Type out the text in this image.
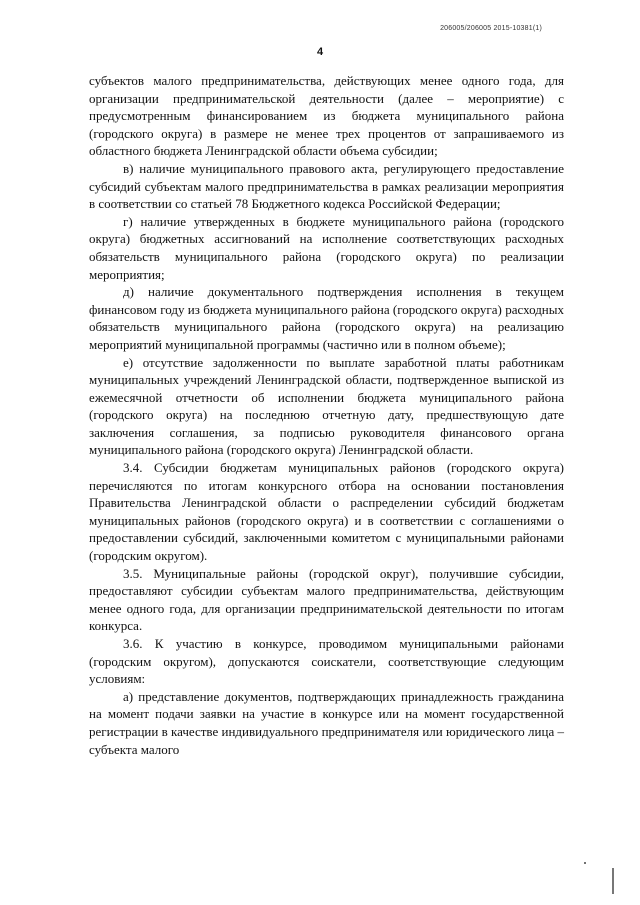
206005/206005 2015-10381(1)
4

субъектов малого предпринимательства, действующих менее одного года, для организации предпринимательской деятельности (далее – мероприятие) с предусмотренным финансированием из бюджета муниципального района (городского округа) в размере не менее трех процентов от запрашиваемого из областного бюджета Ленинградской области объема субсидии;

в) наличие муниципального правового акта, регулирующего предоставление субсидий субъектам малого предпринимательства в рамках реализации мероприятия в соответствии со статьей 78 Бюджетного кодекса Российской Федерации;

г) наличие утвержденных в бюджете муниципального района (городского округа) бюджетных ассигнований на исполнение соответствующих расходных обязательств муниципального района (городского округа) по реализации мероприятия;

д) наличие документального подтверждения исполнения в текущем финансовом году из бюджета муниципального района (городского округа) расходных обязательств муниципального района (городского округа) на реализацию мероприятий муниципальной программы (частично или в полном объеме);

е) отсутствие задолженности по выплате заработной платы работникам муниципальных учреждений Ленинградской области, подтвержденное выпиской из ежемесячной отчетности об исполнении бюджета муниципального района (городского округа) на последнюю отчетную дату, предшествующую дате заключения соглашения, за подписью руководителя финансового органа муниципального района (городского округа) Ленинградской области.

3.4. Субсидии бюджетам муниципальных районов (городского округа) перечисляются по итогам конкурсного отбора на основании постановления Правительства Ленинградской области о распределении субсидий бюджетам муниципальных районов (городского округа) и в соответствии с соглашениями о предоставлении субсидий, заключенными комитетом с муниципальными районами (городским округом).

3.5. Муниципальные районы (городской округ), получившие субсидии, предоставляют субсидии субъектам малого предпринимательства, действующим менее одного года, для организации предпринимательской деятельности по итогам конкурса.

3.6. К участию в конкурсе, проводимом муниципальными районами (городским округом), допускаются соискатели, соответствующие следующим условиям:

а) представление документов, подтверждающих принадлежность гражданина на момент подачи заявки на участие в конкурсе или на момент государственной регистрации в качестве индивидуального предпринимателя или юридического лица – субъекта малого
